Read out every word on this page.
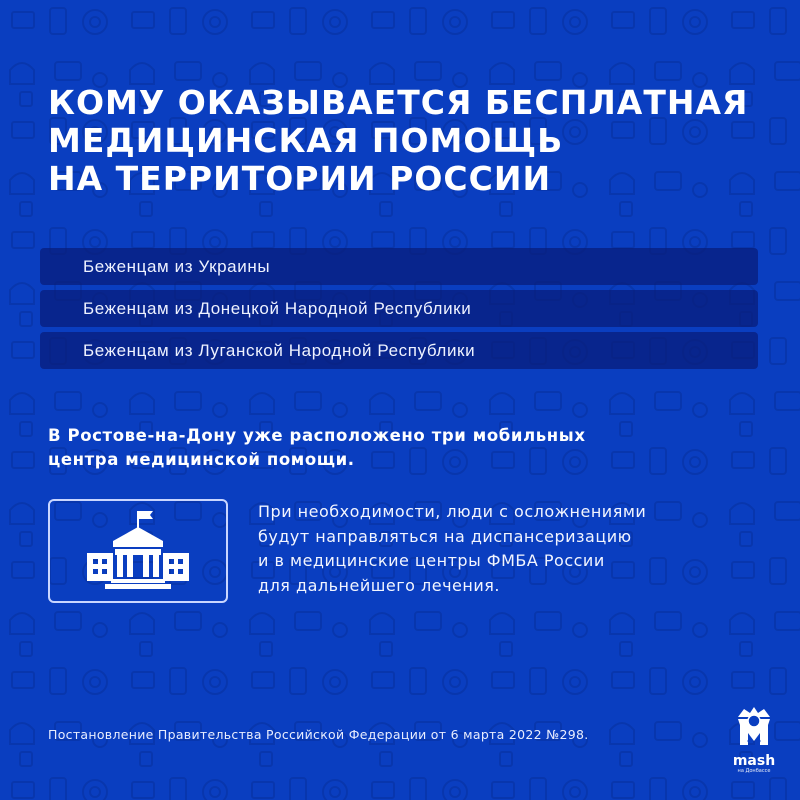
КОМУ ОКАЗЫВАЕТСЯ БЕСПЛАТНАЯ
МЕДИЦИНСКАЯ ПОМОЩЬ
НА ТЕРРИТОРИИ РОССИИ
Беженцам из Украины
Беженцам из Донецкой Народной Республики
Беженцам из Луганской Народной Республики
В Ростове-на-Дону уже расположено три мобильных
центра медицинской помощи.
При необходимости, люди с осложнениями
будут направляться на диспансеризацию
и в медицинские центры ФМБА России
для дальнейшего лечения.
Постановление Правительства Российской Федерации от 6 марта 2022 №298.
mash
на Донбассе
